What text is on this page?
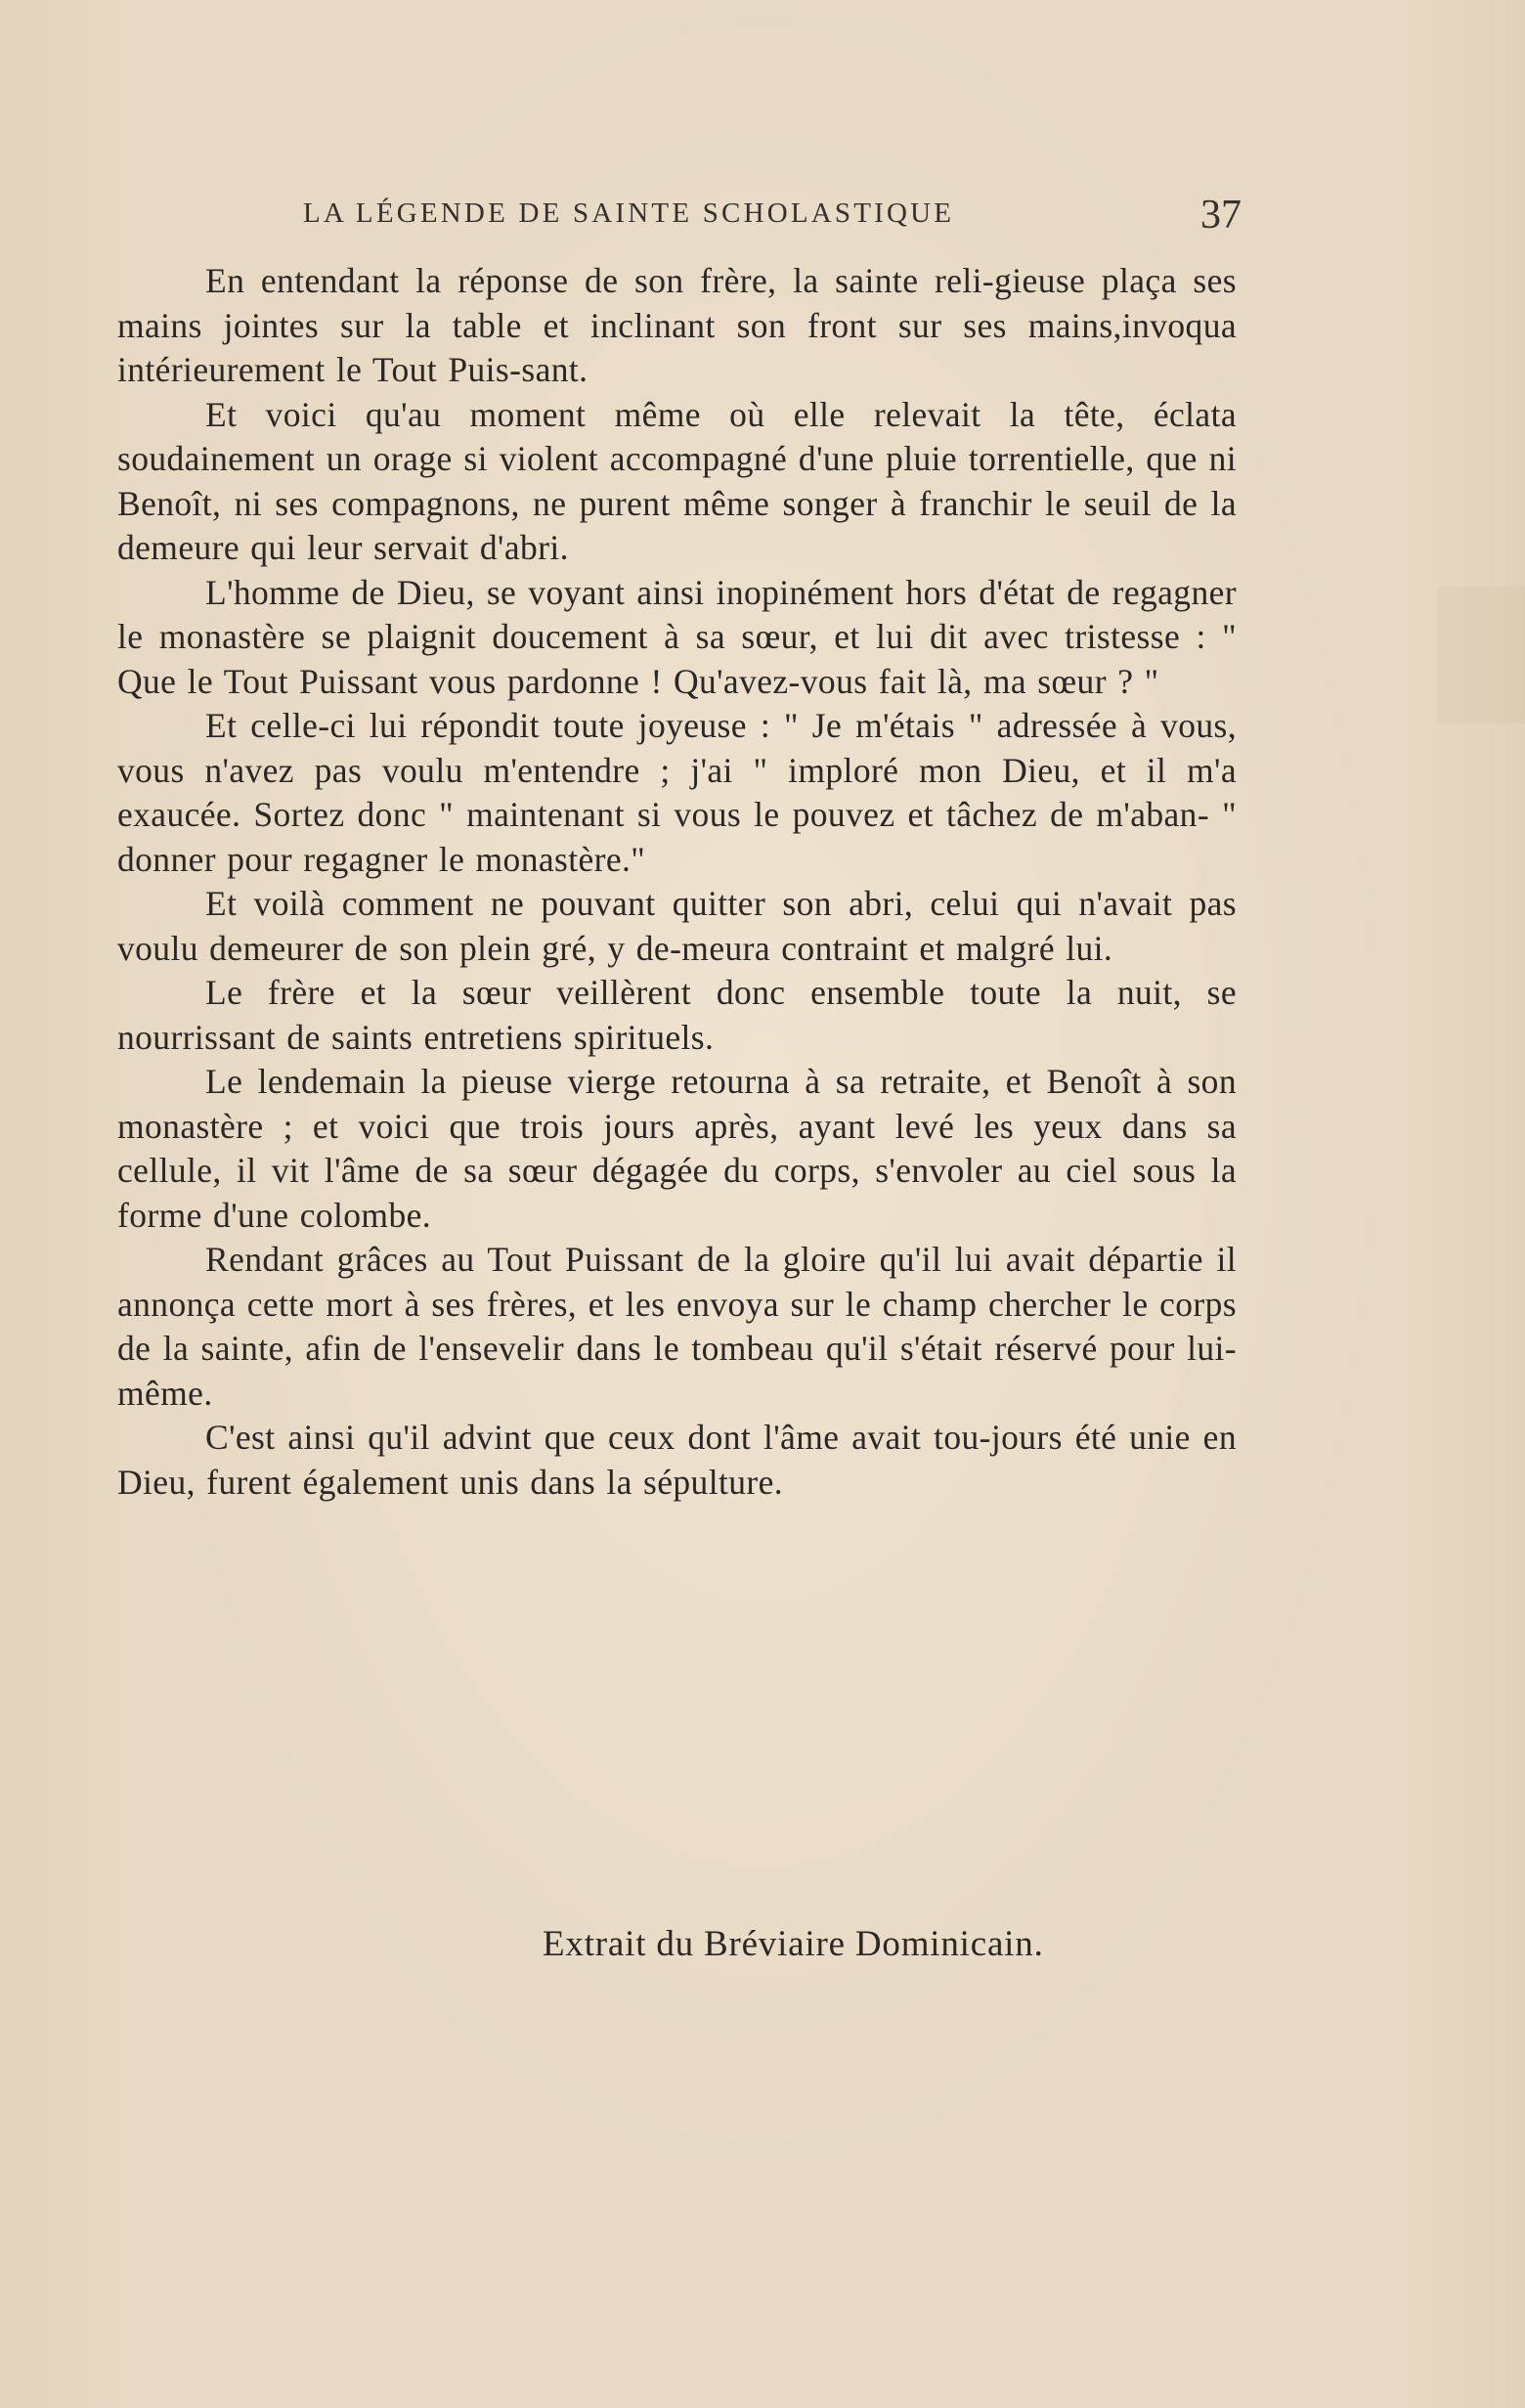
LA LÉGENDE DE SAINTE SCHOLASTIQUE	37

En entendant la réponse de son frère, la sainte reli-gieuse plaça ses mains jointes sur la table et inclinant son front sur ses mains,invoqua intérieurement le Tout Puis-sant.

Et voici qu'au moment même où elle relevait la tête, éclata soudainement un orage si violent accompagné d'une pluie torrentielle, que ni Benoît, ni ses compagnons, ne purent même songer à franchir le seuil de la demeure qui leur servait d'abri.

L'homme de Dieu, se voyant ainsi inopinément hors d'état de regagner le monastère se plaignit doucement à sa sœur, et lui dit avec tristesse : " Que le Tout Puissant vous pardonne ! Qu'avez-vous fait là, ma sœur ? "

Et celle-ci lui répondit toute joyeuse : " Je m'étais " adressée à vous, vous n'avez pas voulu m'entendre ; j'ai " imploré mon Dieu, et il m'a exaucée. Sortez donc " maintenant si vous le pouvez et tâchez de m'aban- " donner pour regagner le monastère."

Et voilà comment ne pouvant quitter son abri, celui qui n'avait pas voulu demeurer de son plein gré, y de-meura contraint et malgré lui.

Le frère et la sœur veillèrent donc ensemble toute la nuit, se nourrissant de saints entretiens spirituels.

Le lendemain la pieuse vierge retourna à sa retraite, et Benoît à son monastère ; et voici que trois jours après, ayant levé les yeux dans sa cellule, il vit l'âme de sa sœur dégagée du corps, s'envoler au ciel sous la forme d'une colombe.

Rendant grâces au Tout Puissant de la gloire qu'il lui avait départie il annonça cette mort à ses frères, et les envoya sur le champ chercher le corps de la sainte, afin de l'ensevelir dans le tombeau qu'il s'était réservé pour lui-même.

C'est ainsi qu'il advint que ceux dont l'âme avait tou-jours été unie en Dieu, furent également unis dans la sépulture.

Extrait du Bréviaire Dominicain.
